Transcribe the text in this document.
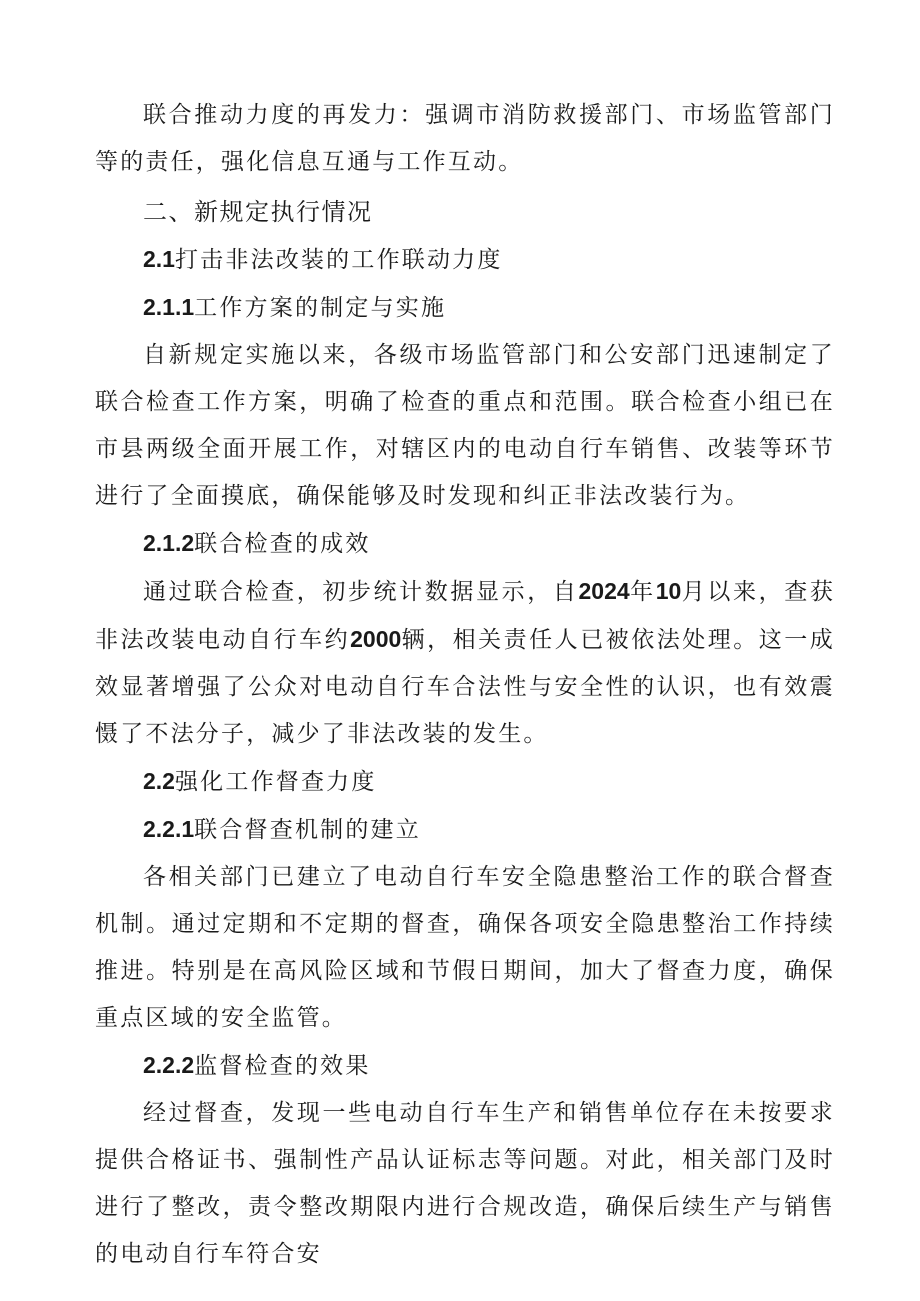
联合推动力度的再发力：强调市消防救援部门、市场监管部门等的责任，强化信息互通与工作互动。

二、新规定执行情况

2.1打击非法改装的工作联动力度

2.1.1工作方案的制定与实施

自新规定实施以来，各级市场监管部门和公安部门迅速制定了联合检查工作方案，明确了检查的重点和范围。联合检查小组已在市县两级全面开展工作，对辖区内的电动自行车销售、改装等环节进行了全面摸底，确保能够及时发现和纠正非法改装行为。

2.1.2联合检查的成效

通过联合检查，初步统计数据显示，自2024年10月以来，查获非法改装电动自行车约2000辆，相关责任人已被依法处理。这一成效显著增强了公众对电动自行车合法性与安全性的认识，也有效震慑了不法分子，减少了非法改装的发生。

2.2强化工作督查力度

2.2.1联合督查机制的建立

各相关部门已建立了电动自行车安全隐患整治工作的联合督查机制。通过定期和不定期的督查，确保各项安全隐患整治工作持续推进。特别是在高风险区域和节假日期间，加大了督查力度，确保重点区域的安全监管。

2.2.2监督检查的效果

经过督查，发现一些电动自行车生产和销售单位存在未按要求提供合格证书、强制性产品认证标志等问题。对此，相关部门及时进行了整改，责令整改期限内进行合规改造，确保后续生产与销售的电动自行车符合安
